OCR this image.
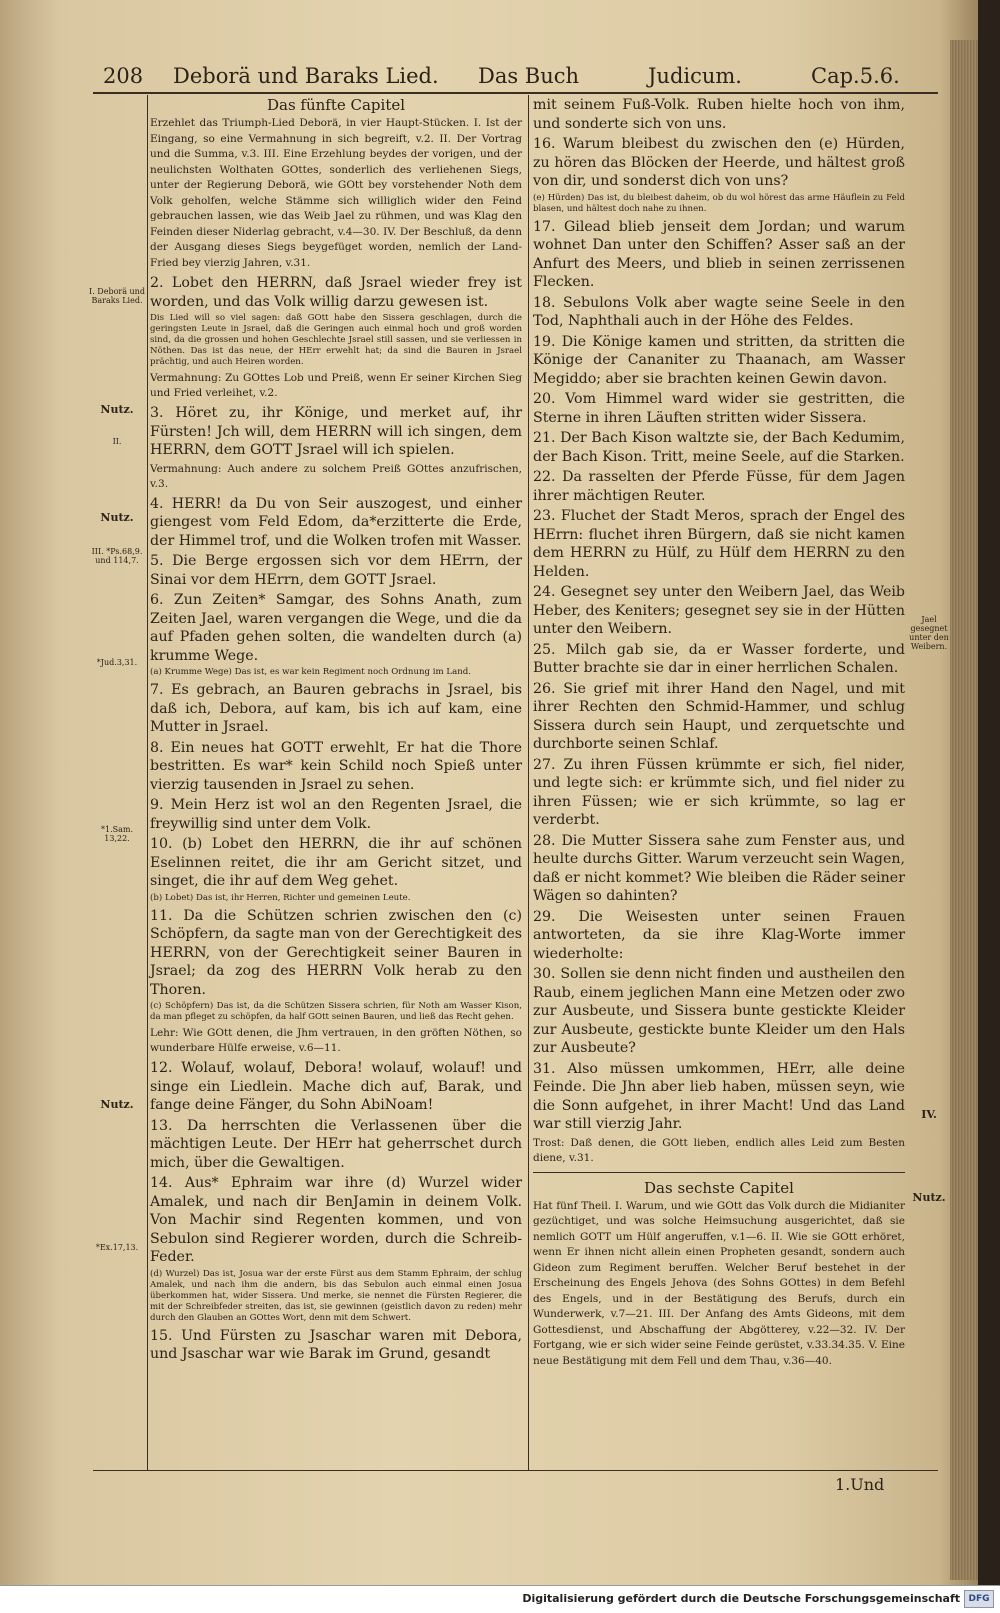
208 Deborä und Baraks Lied. Das Buch	Judicum.	Cap.5.6.
I. Deborä und Baraks Lied.
Nutz.
II.
Nutz.
III. *Ps.68,9. und 114,7.
*Jud.3,31.
*1.Sam. 13,22.
Nutz.
*Ex.17,13.
Das fünfte Capitel
Erzehlet das Triumph-Lied Deborä, in vier Haupt-Stücken. I. Ist der Eingang, so eine Vermahnung in sich begreift, v.2. II. Der Vortrag und die Summa, v.3. III. Eine Erzehlung beydes der vorigen, und der neulichsten Wolthaten GOttes, sonderlich des verliehenen Siegs, unter der Regierung Deborä, wie GOtt bey vorstehender Noth dem Volk geholfen, welche Stämme sich williglich wider den Feind gebrauchen lassen, wie das Weib Jael zu rühmen, und was Klag den Feinden dieser Niderlag gebracht, v.4—30. IV. Der Beschluß, da denn der Ausgang dieses Siegs beygefüget worden, nemlich der Land-Fried bey vierzig Jahren, v.31.
2. Lobet den HERRN, daß Jsrael wieder frey ist worden, und das Volk willig darzu gewesen ist.
Dis Lied will so viel sagen: daß GOtt habe den Sissera geschlagen, durch die geringsten Leute in Jsrael, daß die Geringen auch einmal hoch und groß worden sind, da die grossen und hohen Geschlechte Jsrael still sassen, und sie verliessen in Nöthen. Das ist das neue, der HErr erwehlt hat; da sind die Bauren in Jsrael prächtig, und auch Heiren worden.
Vermahnung: Zu GOttes Lob und Preiß, wenn Er seiner Kirchen Sieg und Fried verleihet, v.2.
3. Höret zu, ihr Könige, und merket auf, ihr Fürsten! Jch will, dem HERRN will ich singen, dem HERRN, dem GOTT Jsrael will ich spielen.
Vermahnung: Auch andere zu solchem Preiß GOttes anzufrischen, v.3.
4. HERR! da Du von Seir auszogest, und einher giengest vom Feld Edom, da*erzitterte die Erde, der Himmel trof, und die Wolken trofen mit Wasser.
5. Die Berge ergossen sich vor dem HErrn, der Sinai vor dem HErrn, dem GOTT Jsrael.
6. Zun Zeiten* Samgar, des Sohns Anath, zum Zeiten Jael, waren vergangen die Wege, und die da auf Pfaden gehen solten, die wandelten durch (a) krumme Wege.
(a) Krumme Wege) Das ist, es war kein Regiment noch Ordnung im Land.
7. Es gebrach, an Bauren gebrachs in Jsrael, bis daß ich, Debora, auf kam, bis ich auf kam, eine Mutter in Jsrael.
8. Ein neues hat GOTT erwehlt, Er hat die Thore bestritten. Es war* kein Schild noch Spieß unter vierzig tausenden in Jsrael zu sehen.
9. Mein Herz ist wol an den Regenten Jsrael, die freywillig sind unter dem Volk.
10. (b) Lobet den HERRN, die ihr auf schönen Eselinnen reitet, die ihr am Gericht sitzet, und singet, die ihr auf dem Weg gehet.
(b) Lobet) Das ist, ihr Herren, Richter und gemeinen Leute.
11. Da die Schützen schrien zwischen den (c) Schöpfern, da sagte man von der Gerechtigkeit des HERRN, von der Gerechtigkeit seiner Bauren in Jsrael; da zog des HERRN Volk herab zu den Thoren.
(c) Schöpfern) Das ist, da die Schützen Sissera schrien, für Noth am Wasser Kison, da man pfleget zu schöpfen, da half GOtt seinen Bauren, und ließ das Recht gehen.
Lehr: Wie GOtt denen, die Jhm vertrauen, in den gröften Nöthen, so wunderbare Hülfe erweise, v.6—11.
12. Wolauf, wolauf, Debora! wolauf, wolauf! und singe ein Liedlein. Mache dich auf, Barak, und fange deine Fänger, du Sohn AbiNoam!
13. Da herrschten die Verlassenen über die mächtigen Leute. Der HErr hat geherrschet durch mich, über die Gewaltigen.
14. Aus* Ephraim war ihre (d) Wurzel wider Amalek, und nach dir BenJamin in deinem Volk. Von Machir sind Regenten kommen, und von Sebulon sind Regierer worden, durch die Schreib-Feder.
(d) Wurzel) Das ist, Josua war der erste Fürst aus dem Stamm Ephraim, der schlug Amalek, und nach ihm die andern, bis das Sebulon auch einmal einen Josua überkommen hat, wider Sissera. Und merke, sie nennet die Fürsten Regierer, die mit der Schreibfeder streiten, das ist, sie gewinnen (geistlich davon zu reden) mehr durch den Glauben an GOttes Wort, denn mit dem Schwert.
15. Und Fürsten zu Jsaschar waren mit Debora, und Jsaschar war wie Barak im Grund, gesandt
mit seinem Fuß-Volk. Ruben hielte hoch von ihm, und sonderte sich von uns.
16. Warum bleibest du zwischen den (e) Hürden, zu hören das Blöcken der Heerde, und hältest groß von dir, und sonderst dich von uns?
(e) Hürden) Das ist, du bleibest daheim, ob du wol hörest das arme Häuflein zu Feld blasen, und hältest doch nahe zu ihnen.
17. Gilead blieb jenseit dem Jordan; und warum wohnet Dan unter den Schiffen? Asser saß an der Anfurt des Meers, und blieb in seinen zerrissenen Flecken.
18. Sebulons Volk aber wagte seine Seele in den Tod, Naphthali auch in der Höhe des Feldes.
19. Die Könige kamen und stritten, da stritten die Könige der Cananiter zu Thaanach, am Wasser Megiddo; aber sie brachten keinen Gewin davon.
20. Vom Himmel ward wider sie gestritten, die Sterne in ihren Läuften stritten wider Sissera.
21. Der Bach Kison waltzte sie, der Bach Kedumim, der Bach Kison. Tritt, meine Seele, auf die Starken.
22. Da rasselten der Pferde Füsse, für dem Jagen ihrer mächtigen Reuter.
23. Fluchet der Stadt Meros, sprach der Engel des HErrn: fluchet ihren Bürgern, daß sie nicht kamen dem HERRN zu Hülf, zu Hülf dem HERRN zu den Helden.
24. Gesegnet sey unter den Weibern Jael, das Weib Heber, des Keniters; gesegnet sey sie in der Hütten unter den Weibern.
25. Milch gab sie, da er Wasser forderte, und Butter brachte sie dar in einer herrlichen Schalen.
26. Sie grief mit ihrer Hand den Nagel, und mit ihrer Rechten den Schmid-Hammer, und schlug Sissera durch sein Haupt, und zerquetschte und durchborte seinen Schlaf.
27. Zu ihren Füssen krümmte er sich, fiel nider, und legte sich: er krümmte sich, und fiel nider zu ihren Füssen; wie er sich krümmte, so lag er verderbt.
28. Die Mutter Sissera sahe zum Fenster aus, und heulte durchs Gitter. Warum verzeucht sein Wagen, daß er nicht kommet? Wie bleiben die Räder seiner Wägen so dahinten?
29. Die Weisesten unter seinen Frauen antworteten, da sie ihre Klag-Worte immer wiederholte:
30. Sollen sie denn nicht finden und austheilen den Raub, einem jeglichen Mann eine Metzen oder zwo zur Ausbeute, und Sissera bunte gestickte Kleider zur Ausbeute, gestickte bunte Kleider um den Hals zur Ausbeute?
31. Also müssen umkommen, HErr, alle deine Feinde. Die Jhn aber lieb haben, müssen seyn, wie die Sonn aufgehet, in ihrer Macht! Und das Land war still vierzig Jahr.
Trost: Daß denen, die GOtt lieben, endlich alles Leid zum Besten diene, v.31.
Das sechste Capitel
Hat fünf Theil. I. Warum, und wie GOtt das Volk durch die Midianiter gezüchtiget, und was solche Heimsuchung ausgerichtet, daß sie nemlich GOTT um Hülf angeruffen, v.1—6. II. Wie sie GOtt erhöret, wenn Er ihnen nicht allein einen Propheten gesandt, sondern auch Gideon zum Regiment beruffen. Welcher Beruf bestehet in der Erscheinung des Engels Jehova (des Sohns GOttes) in dem Befehl des Engels, und in der Bestätigung des Berufs, durch ein Wunderwerk, v.7—21. III. Der Anfang des Amts Gideons, mit dem Gottesdienst, und Abschaffung der Abgötterey, v.22—32. IV. Der Fortgang, wie er sich wider seine Feinde gerüstet, v.33.34.35. V. Eine neue Bestätigung mit dem Fell und dem Thau, v.36—40.
Jael gesegnet unter den Weibern.
IV.
Nutz.
1.Und
Digitalisierung gefördert durch die Deutsche Forschungsgemeinschaft DFG
